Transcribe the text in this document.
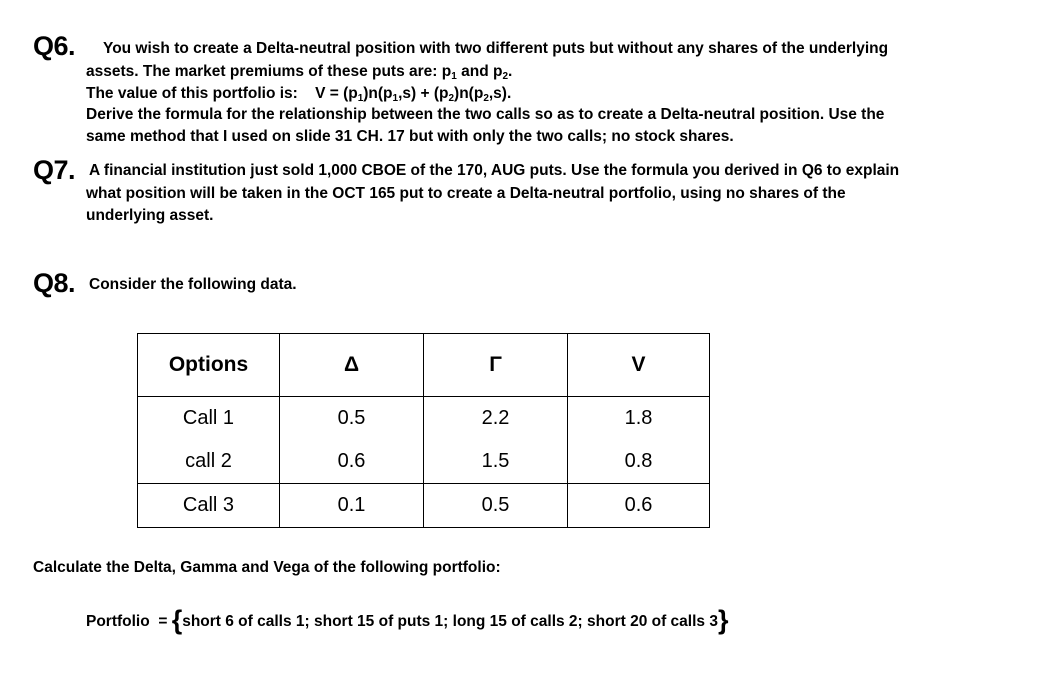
Q6. You wish to create a Delta-neutral position with two different puts but without any shares of the underlying
assets. The market premiums of these puts are: $p_1$ and $p_2$.
The value of this portfolio is:    $V = (p_1)n(p_1,s) + (p_2)n(p_2,s)$.
Derive the formula for the relationship between the two calls so as to create a Delta-neutral position. Use the
same method that I used on slide 31 CH. 17 but with only the two calls; no stock shares.
Q7. A financial institution just sold 1,000 CBOE of the 170, AUG puts. Use the formula you derived in Q6 to explain
what position will be taken in the OCT 165 put to create a Delta-neutral portfolio, using no shares of the
underlying asset.
Q8. Consider the following data.
Options	Δ	Γ	V
Call 1	0.5	2.2	1.8
call 2	0.6	1.5	0.8
Call 3	0.1	0.5	0.6
Calculate the Delta, Gamma and Vega of the following portfolio:
Portfolio  = {short 6 of calls 1; short 15 of puts 1; long 15 of calls 2; short 20 of calls 3}
